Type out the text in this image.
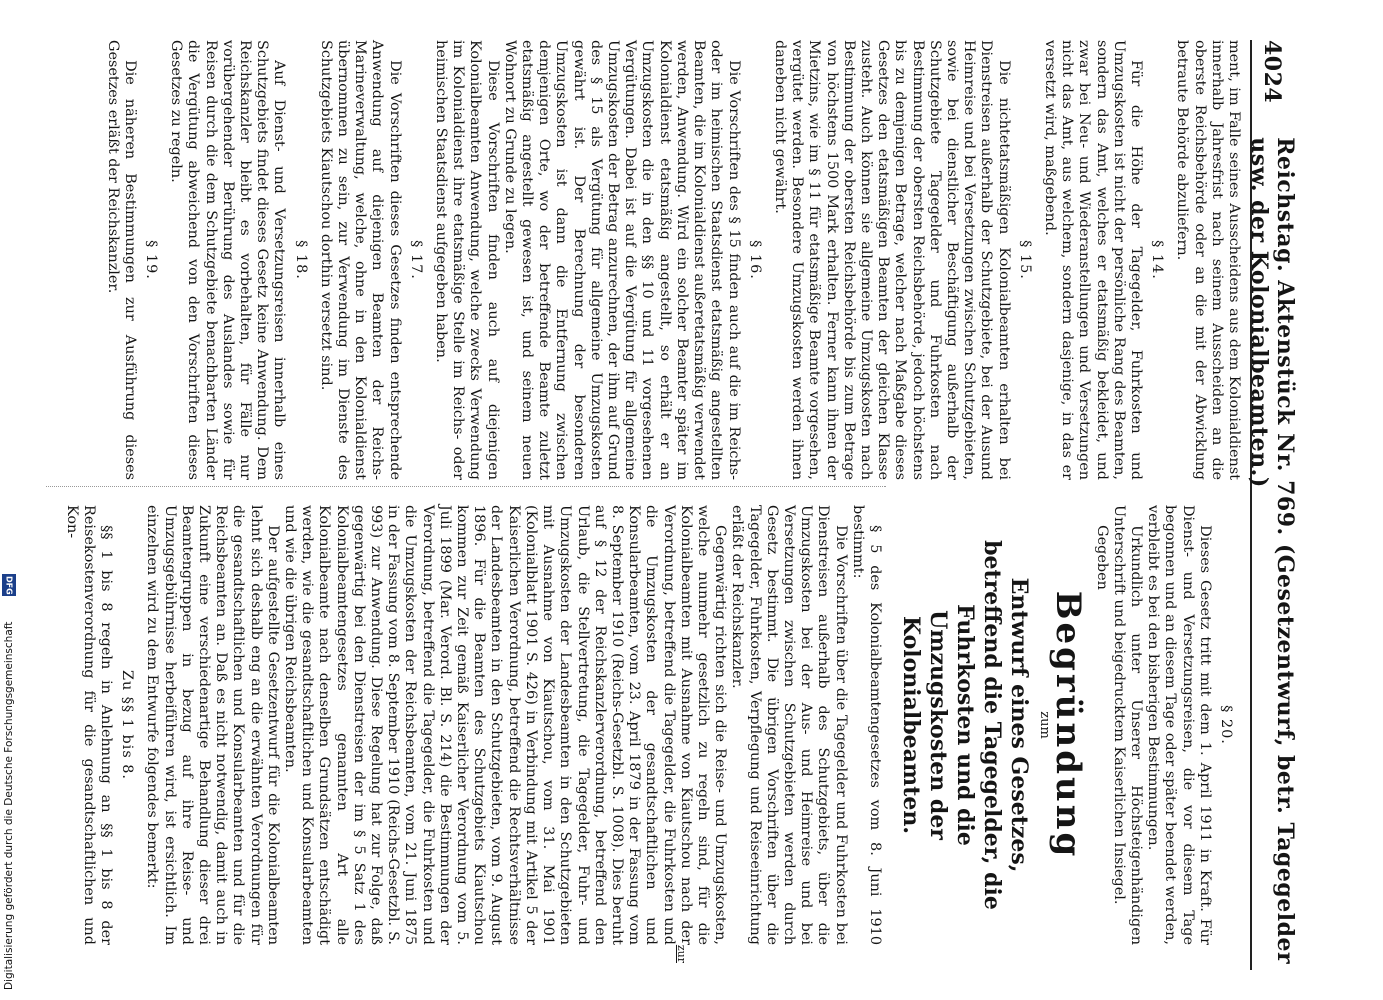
4024
Reichstag. Aktenstück Nr. 769. (Gesetzentwurf, betr. Tagegelder usw. der Kolonialbeamten.)

ment, im Falle seines Ausscheidens aus dem Kolonialdienst innerhalb Jahresfrist nach seinem Ausscheiden an die oberste Reichsbehörde oder an die mit der Abwicklung betraute Behörde abzuliefern.

§ 14.

Für die Höhe der Tagegelder, Fuhrkosten und Umzugskosten ist nicht der persönliche Rang des Beamten, sondern das Amt, welches er etatsmäßig bekleidet, und zwar bei Neu- und Wiederanstellungen und Versetzungen nicht das Amt, aus welchem, sondern dasjenige, in das er versetzt wird, maßgebend.

§ 15.

Die nichtetatsmäßigen Kolonialbeamten erhalten bei Dienstreisen außerhalb der Schutzgebiete, bei der Ausund Heimreise und bei Versetzungen zwischen Schutzgebieten, sowie bei dienstlicher Beschäftigung außerhalb der Schutzgebiete Tagegelder und Fuhrkosten nach Bestimmung der obersten Reichsbehörde, jedoch höchstens bis zu demjenigen Betrage, welcher nach Maßgabe dieses Gesetzes den etatsmäßigen Beamten der gleichen Klasse zusteht. Auch können sie allgemeine Umzugskosten nach Bestimmung der obersten Reichsbehörde bis zum Betrage von höchstens 1500 Mark erhalten. Ferner kann ihnen der Mietzins, wie im § 11 für etatsmäßige Beamte vorgesehen, vergütet werden. Besondere Umzugskosten werden ihnen daneben nicht gewährt.

§ 16.

Die Vorschriften des § 15 finden auch auf die im Reichs- oder im heimischen Staatsdienst etatsmäßig angestellten Beamten, die im Kolonialdienst außeretatsmäßig verwendet werden, Anwendung. Wird ein solcher Beamter später im Kolonialdienst etatsmäßig angestellt, so erhält er an Umzugskosten die in den §§ 10 und 11 vorgesehenen Vergütungen. Dabei ist auf die Vergütung für allgemeine Umzugskosten der Betrag anzurechnen, der ihm auf Grund des § 15 als Vergütung für allgemeine Umzugskosten gewährt ist. Der Berechnung der besonderen Umzugskosten ist dann die Entfernung zwischen demjenigen Orte, wo der betreffende Beamte zuletzt etatsmäßig angestellt gewesen ist, und seinem neuen Wohnort zu Grunde zu legen.

Diese Vorschriften finden auch auf diejenigen Kolonialbeamten Anwendung, welche zwecks Verwendung im Kolonialdienst ihre etatsmäßige Stelle im Reichs- oder heimischen Staatsdienst aufgegeben haben.

§ 17.

Die Vorschriften dieses Gesetzes finden entsprechende Anwendung auf diejenigen Beamten der Reichs-Marineverwaltung, welche, ohne in den Kolonialdienst übernommen zu sein, zur Verwendung im Dienste des Schutzgebiets Kiautschou dorthin versetzt sind.

§ 18.

Auf Dienst- und Versetzungsreisen innerhalb eines Schutzgebiets findet dieses Gesetz keine Anwendung. Dem Reichskanzler bleibt es vorbehalten, für Fälle nur vorübergehender Berührung des Auslandes sowie für Reisen durch die dem Schutzgebiete benachbarten Länder die Vergütung abweichend von den Vorschriften dieses Gesetzes zu regeln.

§ 19.

Die näheren Bestimmungen zur Ausführung dieses Gesetzes erläßt der Reichskanzler.

§ 20.

Dieses Gesetz tritt mit dem 1. April 1911 in Kraft. Für Dienst- und Versetzungsreisen, die vor diesem Tage begonnen und an diesem Tage oder später beendet werden, verbleibt es bei den bisherigen Bestimmungen.

Urkundlich unter Unserer Höchsteigenhändigen Unterschrift und beigedrucktem Kaiserlichen Insiegel.

Gegeben

Begründung
zum
Entwurf eines Gesetzes, betreffend die Tagegelder, die Fuhrkosten und die Umzugskosten der Kolonialbeamten.

§ 5 des Kolonialbeamtengesetzes vom 8. Juni 1910 bestimmt:

Die Vorschriften über die Tagegelder und Fuhrkosten bei Dienstreisen außerhalb des Schutzgebiets, über die Umzugskosten bei der Aus- und Heimreise und bei Versetzungen zwischen Schutzgebieten werden durch Gesetz bestimmt. Die übrigen Vorschriften über die Tagegelder, Fuhrkosten, Verpflegung und Reiseeinrichtung erläßt der Reichskanzler.

Gegenwärtig richten sich die Reise- und Umzugskosten, welche nunmehr gesetzlich zu regeln sind, für die Kolonialbeamten mit Ausnahme von Kiautschou nach der Verordnung, betreffend die Tagegelder, die Fuhrkosten und die Umzugskosten der gesandtschaftlichen und Konsularbeamten, vom 23. April 1879 in der Fassung vom 8. September 1910 (Reichs-Gesetzbl. S. 1008). Dies beruht auf § 12 der Reichskanzlerverordnung, betreffend den Urlaub, die Stellvertretung, die Tagegelder, Fuhr- und Umzugskosten der Landesbeamten in den Schutzgebieten mit Ausnahme von Kiautschou, vom 31. Mai 1901 (Kolonialblatt 1901 S. 426) in Verbindung mit Artikel 5 der Kaiserlichen Verordnung, betreffend die Rechtsverhältnisse der Landesbeamten in den Schutzgebieten, vom 9. August 1896. Für die Beamten des Schutzgebiets Kiautschou kommen zur Zeit gemäß Kaiserlicher Verordnung vom 5. Juli 1899 (Mar. Verord. Bl. S. 214) die Bestimmungen der Verordnung, betreffend die Tagegelder, die Fuhrkosten und die Umzugskosten der Reichsbeamten, vom 21. Juni 1875 in der Fassung vom 8. September 1910 (Reichs-Gesetzbl. S. 993) zur Anwendung. Diese Regelung hat zur Folge, daß gegenwärtig bei den Dienstreisen der im § 5 Satz 1 des Kolonialbeamtengesetzes genannten Art alle Kolonialbeamte nach denselben Grundsätzen entschädigt werden, wie die gesandtschaftlichen und Konsularbeamten und wie die übrigen Reichsbeamten.

Der aufgestellte Gesetzentwurf für die Kolonialbeamten lehnt sich deshalb eng an die erwähnten Verordnungen für die gesandtschaftlichen und Konsularbeamten und für die Reichsbeamten an. Daß es nicht notwendig, damit auch in Zukunft eine verschiedenartige Behandlung dieser drei Beamtengruppen in bezug auf ihre Reise- und Umzugsgebührnisse herbeiführen wird, ist ersichtlich. Im einzelnen wird zu dem Entwurfe folgendes bemerkt:

Zu §§ 1 bis 8.

§§ 1 bis 8 regeln in Anlehnung an §§ 1 bis 8 der Reisekostenverordnung für die gesandtschaftlichen und Kon-

zur
DFG
Digitalisierung gefördert durch die Deutsche Forschungsgemeinschaft
